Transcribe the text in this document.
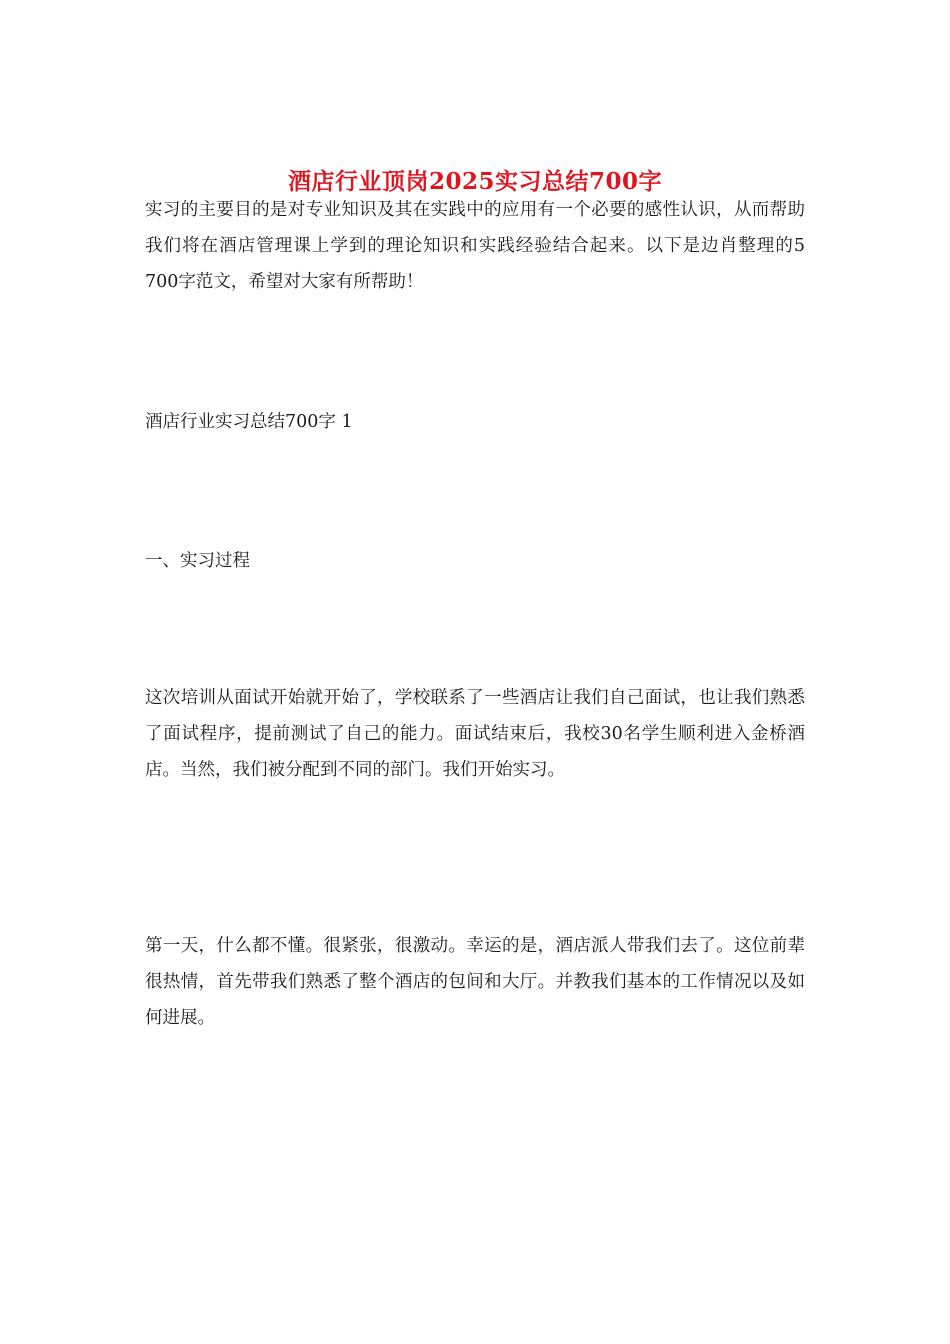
酒店行业顶岗2025实习总结700字

实习的主要目的是对专业知识及其在实践中的应用有一个必要的感性认识，从而帮助我们将在酒店管理课上学到的理论知识和实践经验结合起来。以下是边肖整理的5 700字范文，希望对大家有所帮助！

酒店行业实习总结700字 1

一、实习过程

这次培训从面试开始就开始了，学校联系了一些酒店让我们自己面试，也让我们熟悉了面试程序，提前测试了自己的能力。面试结束后，我校30名学生顺利进入金桥酒店。当然，我们被分配到不同的部门。我们开始实习。

第一天，什么都不懂。很紧张，很激动。幸运的是，酒店派人带我们去了。这位前辈很热情，首先带我们熟悉了整个酒店的包间和大厅。并教我们基本的工作情况以及如何进展。
